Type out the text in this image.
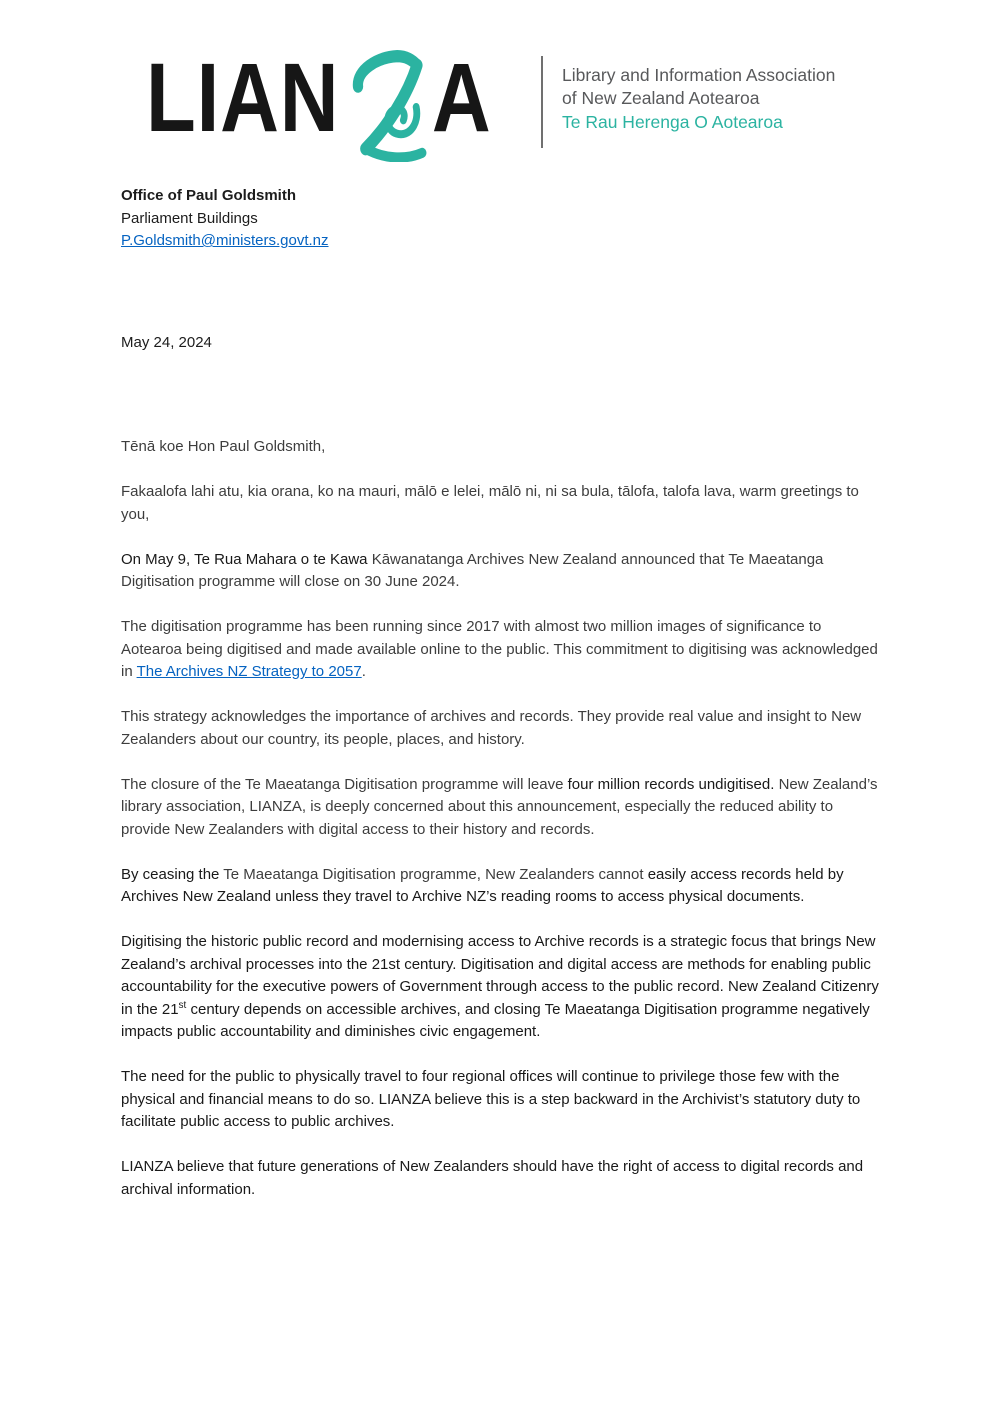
LIAN A	Library and Information Association
of New Zealand Aotearoa
Te Rau Herenga O Aotearoa
Office of Paul Goldsmith
Parliament Buildings
P.Goldsmith@ministers.govt.nz
May 24, 2024

Tēnā koe Hon Paul Goldsmith,

Fakaalofa lahi atu, kia orana, ko na mauri, mālō e lelei, mālō ni, ni sa bula, tālofa, talofa lava, warm greetings to you,

On May 9, Te Rua Mahara o te Kawa Kāwanatanga Archives New Zealand announced that Te Maeatanga Digitisation programme will close on 30 June 2024.

The digitisation programme has been running since 2017 with almost two million images of significance to Aotearoa being digitised and made available online to the public. This commitment to digitising was acknowledged in The Archives NZ Strategy to 2057.

This strategy acknowledges the importance of archives and records. They provide real value and insight to New Zealanders about our country, its people, places, and history.

The closure of the Te Maeatanga Digitisation programme will leave four million records undigitised. New Zealand’s library association, LIANZA, is deeply concerned about this announcement, especially the reduced ability to provide New Zealanders with digital access to their history and records.

By ceasing the Te Maeatanga Digitisation programme, New Zealanders cannot easily access records held by Archives New Zealand unless they travel to Archive NZ’s reading rooms to access physical documents.

Digitising the historic public record and modernising access to Archive records is a strategic focus that brings New Zealand’s archival processes into the 21st century. Digitisation and digital access are methods for enabling public accountability for the executive powers of Government through access to the public record. New Zealand Citizenry in the 21st century depends on accessible archives, and closing Te Maeatanga Digitisation programme negatively impacts public accountability and diminishes civic engagement.

The need for the public to physically travel to four regional offices will continue to privilege those few with the physical and financial means to do so. LIANZA believe this is a step backward in the Archivist’s statutory duty to facilitate public access to public archives.

LIANZA believe that future generations of New Zealanders should have the right of access to digital records and archival information.
